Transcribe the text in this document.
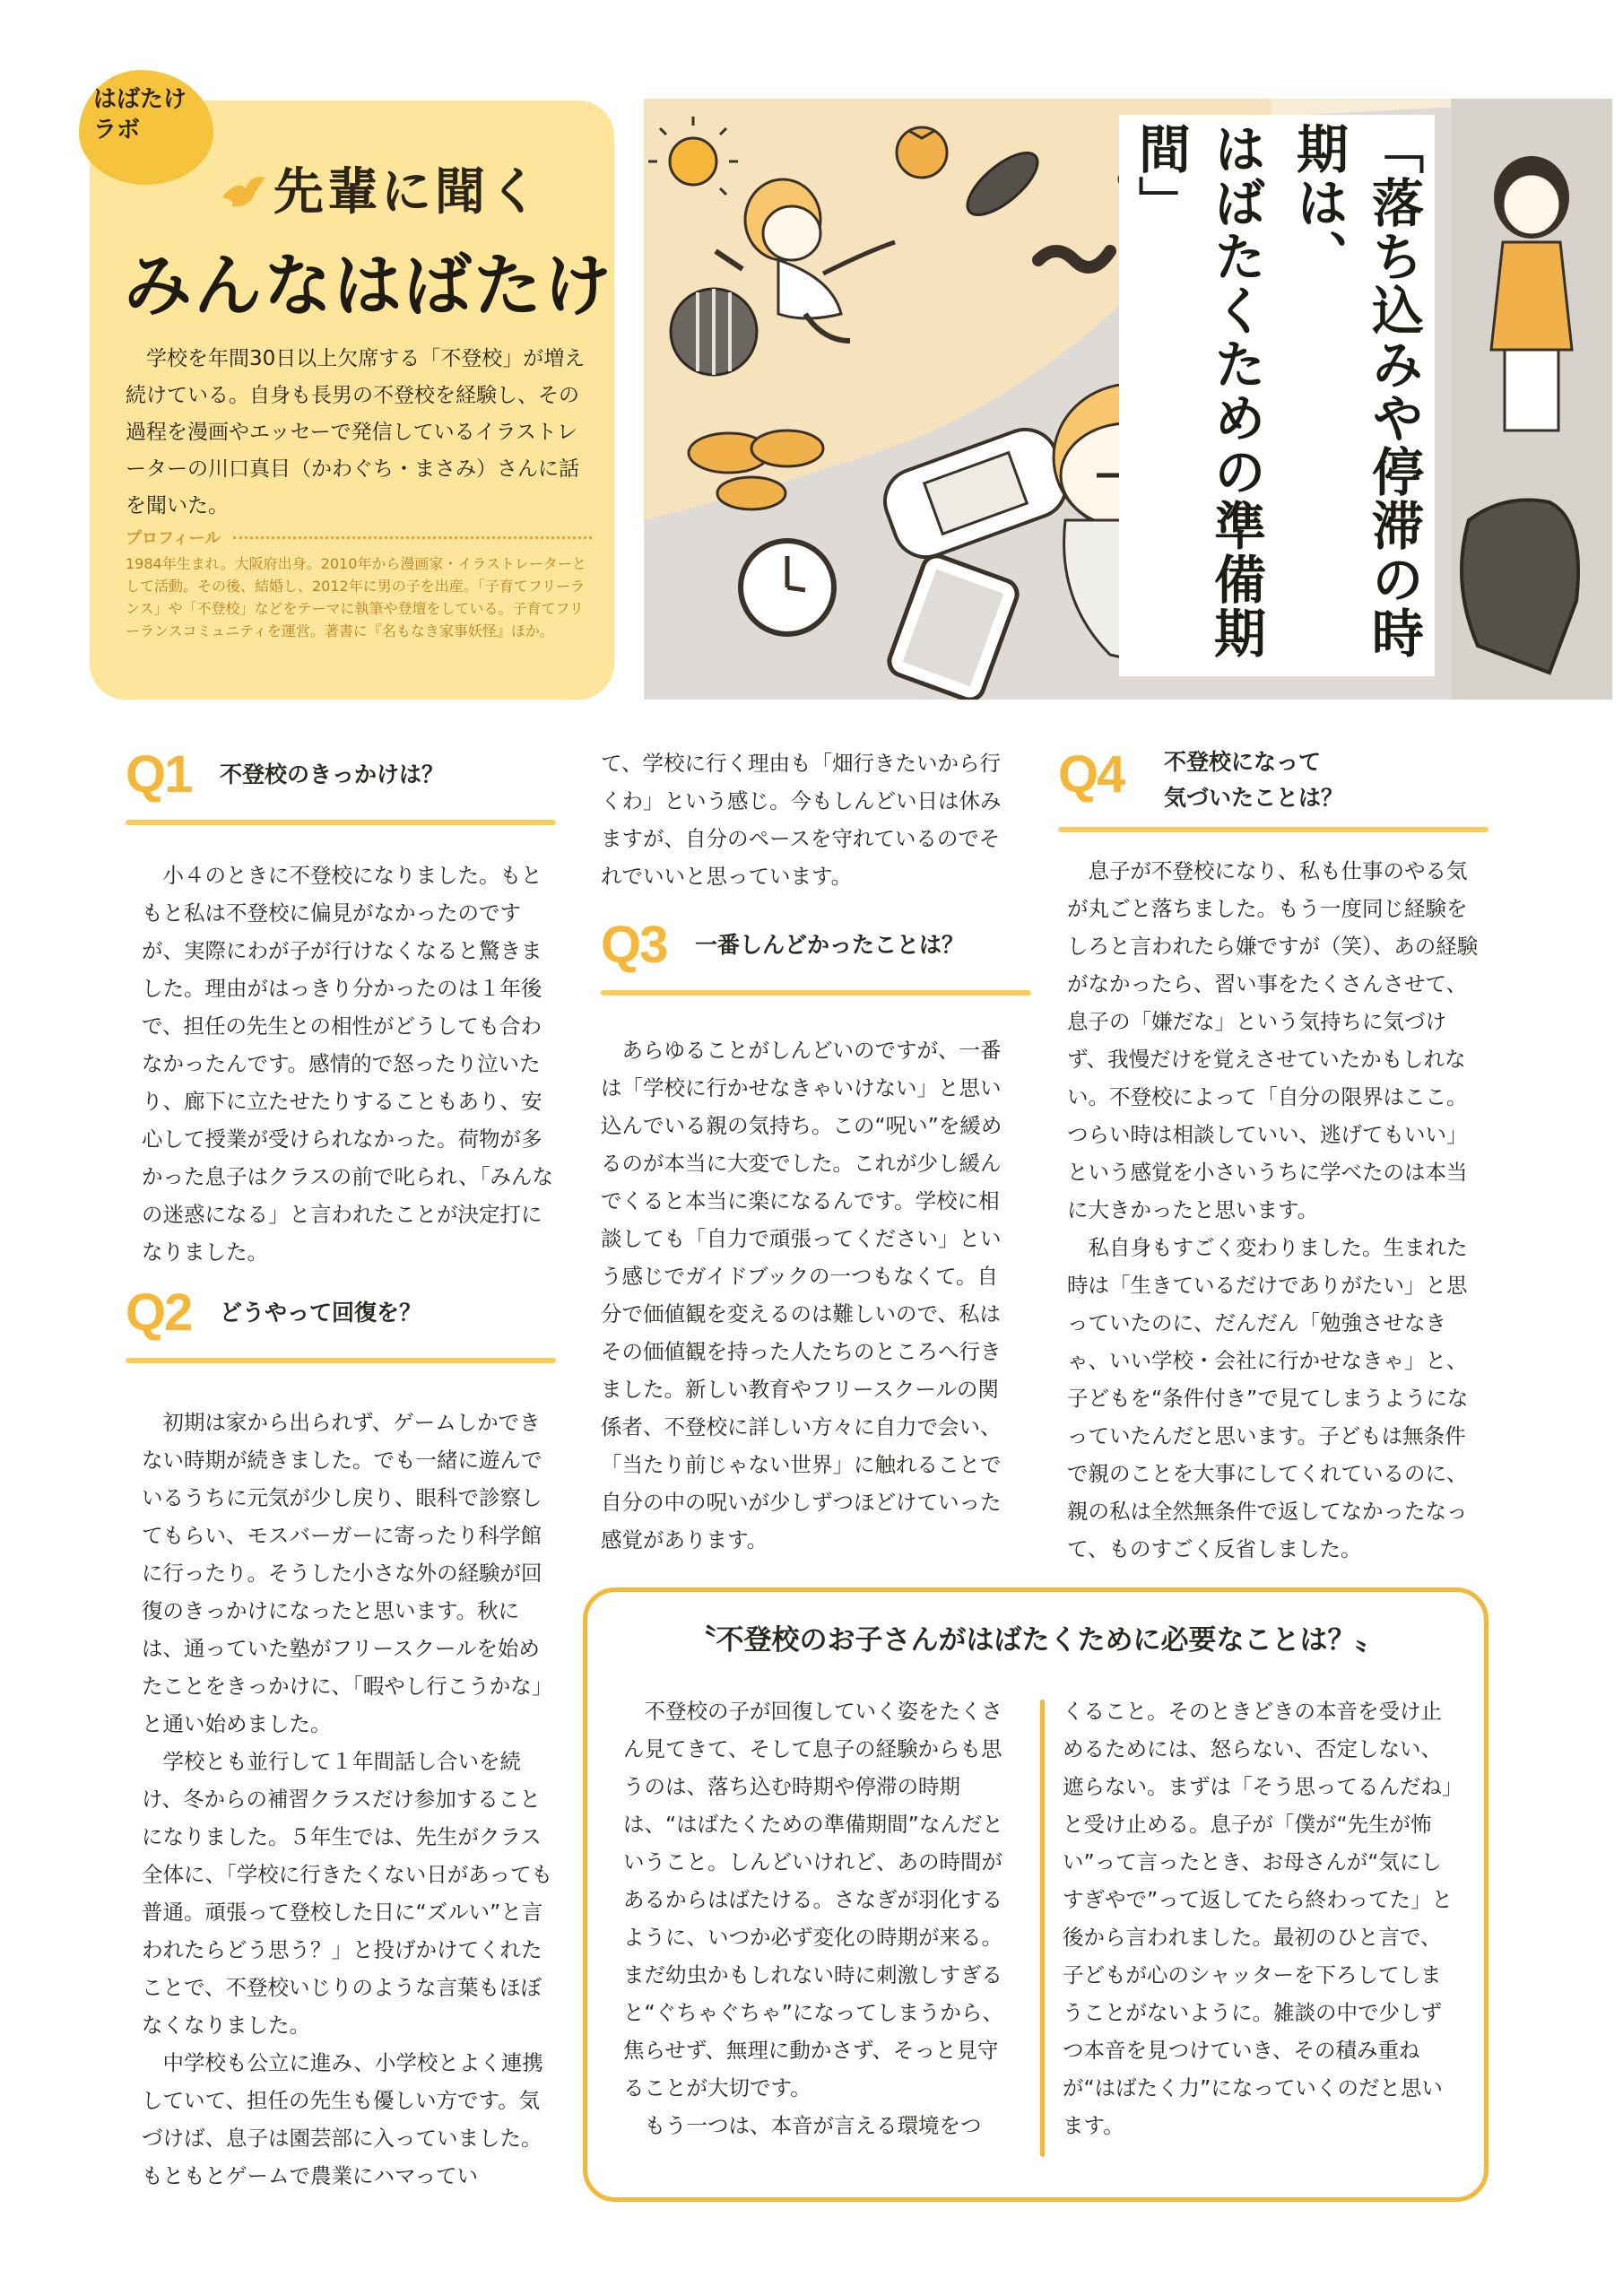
はばたけラボ
先輩に聞く
みんなはばたけ
学校を年間30日以上欠席する「不登校」が増え続けている。自身も長男の不登校を経験し、その過程を漫画やエッセーで発信しているイラストレーターの川口真目（かわぐち・まさみ）さんに話を聞いた。
プロフィール
1984年生まれ。大阪府出身。2010年から漫画家・イラストレーターとして活動。その後、結婚し、2012年に男の子を出産。「子育てフリーランス」や「不登校」などをテーマに執筆や登壇をしている。子育てフリーランスコミュニティを運営。著書に『名もなき家事妖怪』ほか。	「落ち込みや停滞の時期は、
はばたくための準備期間」
Q1 不登校のきっかけは？

小４のときに不登校になりました。もともと私は不登校に偏見がなかったのですが、実際にわが子が行けなくなると驚きました。理由がはっきり分かったのは１年後で、担任の先生との相性がどうしても合わなかったんです。感情的で怒ったり泣いたり、廊下に立たせたりすることもあり、安心して授業が受けられなかった。荷物が多かった息子はクラスの前で叱られ、「みんなの迷惑になる」と言われたことが決定打になりました。

Q2 どうやって回復を？

初期は家から出られず、ゲームしかできない時期が続きました。でも一緒に遊んでいるうちに元気が少し戻り、眼科で診察してもらい、モスバーガーに寄ったり科学館に行ったり。そうした小さな外の経験が回復のきっかけになったと思います。秋には、通っていた塾がフリースクールを始めたことをきっかけに、「暇やし行こうかな」と通い始めました。

学校とも並行して１年間話し合いを続け、冬からの補習クラスだけ参加することになりました。５年生では、先生がクラス全体に、「学校に行きたくない日があっても普通。頑張って登校した日に“ズルい”と言われたらどう思う？」と投げかけてくれたことで、不登校いじりのような言葉もほぼなくなりました。

中学校も公立に進み、小学校とよく連携していて、担任の先生も優しい方です。気づけば、息子は園芸部に入っていました。もともとゲームで農業にハマってい

て、学校に行く理由も「畑行きたいから行くわ」という感じ。今もしんどい日は休みますが、自分のペースを守れているのでそれでいいと思っています。
Q3 一番しんどかったことは？

あらゆることがしんどいのですが、一番は「学校に行かせなきゃいけない」と思い込んでいる親の気持ち。この“呪い”を緩めるのが本当に大変でした。これが少し緩んでくると本当に楽になるんです。学校に相談しても「自力で頑張ってください」という感じでガイドブックの一つもなくて。自分で価値観を変えるのは難しいので、私はその価値観を持った人たちのところへ行きました。新しい教育やフリースクールの関係者、不登校に詳しい方々に自力で会い、「当たり前じゃない世界」に触れることで自分の中の呪いが少しずつほどけていった感覚があります。

Q4 不登校になって
気づいたことは？

息子が不登校になり、私も仕事のやる気が丸ごと落ちました。もう一度同じ経験をしろと言われたら嫌ですが（笑）、あの経験がなかったら、習い事をたくさんさせて、息子の「嫌だな」という気持ちに気づけず、我慢だけを覚えさせていたかもしれない。不登校によって「自分の限界はここ。つらい時は相談していい、逃げてもいい」という感覚を小さいうちに学べたのは本当に大きかったと思います。

私自身もすごく変わりました。生まれた時は「生きているだけでありがたい」と思っていたのに、だんだん「勉強させなきゃ、いい学校・会社に行かせなきゃ」と、子どもを“条件付き”で見てしまうようになっていたんだと思います。子どもは無条件で親のことを大事にしてくれているのに、親の私は全然無条件で返してなかったなって、ものすごく反省しました。

〝不登校のお子さんがはばたくために必要なことは？〟

不登校の子が回復していく姿をたくさん見てきて、そして息子の経験からも思うのは、落ち込む時期や停滞の時期は、“はばたくための準備期間”なんだということ。しんどいけれど、あの時間があるからはばたける。さなぎが羽化するように、いつか必ず変化の時期が来る。まだ幼虫かもしれない時に刺激しすぎると“ぐちゃぐちゃ”になってしまうから、焦らせず、無理に動かさず、そっと見守ることが大切です。

もう一つは、本音が言える環境をつ

くること。そのときどきの本音を受け止めるためには、怒らない、否定しない、遮らない。まずは「そう思ってるんだね」と受け止める。息子が「僕が“先生が怖い”って言ったとき、お母さんが“気にしすぎやで”って返してたら終わってた」と後から言われました。最初のひと言で、子どもが心のシャッターを下ろしてしまうことがないように。雑談の中で少しずつ本音を見つけていき、その積み重ねが“はばたく力”になっていくのだと思います。
